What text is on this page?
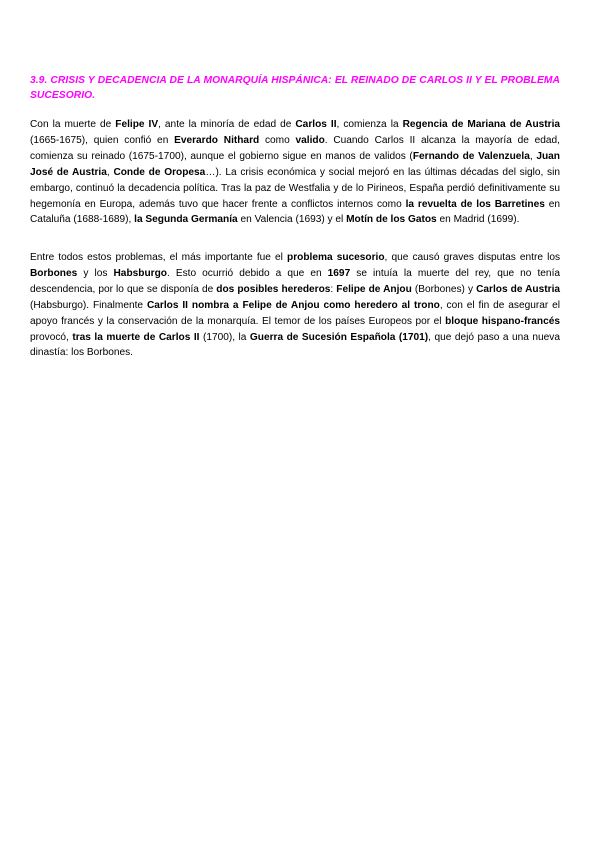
3.9. CRISIS Y DECADENCIA DE LA MONARQUÍA HISPÁNICA: EL REINADO DE CARLOS II Y EL PROBLEMA SUCESORIO.

Con la muerte de Felipe IV, ante la minoría de edad de Carlos II, comienza la Regencia de Mariana de Austria (1665-1675), quien confió en Everardo Nithard como valido. Cuando Carlos II alcanza la mayoría de edad, comienza su reinado (1675-1700), aunque el gobierno sigue en manos de validos (Fernando de Valenzuela, Juan José de Austria, Conde de Oropesa…). La crisis económica y social mejoró en las últimas décadas del siglo, sin embargo, continuó la decadencia política. Tras la paz de Westfalia y de lo Pirineos, España perdió definitivamente su hegemonía en Europa, además tuvo que hacer frente a conflictos internos como la revuelta de los Barretines en Cataluña (1688-1689), la Segunda Germanía en Valencia (1693) y el Motín de los Gatos en Madrid (1699).

Entre todos estos problemas, el más importante fue el problema sucesorio, que causó graves disputas entre los Borbones y los Habsburgo. Esto ocurrió debido a que en 1697 se intuía la muerte del rey, que no tenía descendencia, por lo que se disponía de dos posibles herederos: Felipe de Anjou (Borbones) y Carlos de Austria (Habsburgo). Finalmente Carlos II nombra a Felipe de Anjou como heredero al trono, con el fin de asegurar el apoyo francés y la conservación de la monarquía. El temor de los países Europeos por el bloque hispano-francés provocó, tras la muerte de Carlos II (1700), la Guerra de Sucesión Española (1701), que dejó paso a una nueva dinastía: los Borbones.
